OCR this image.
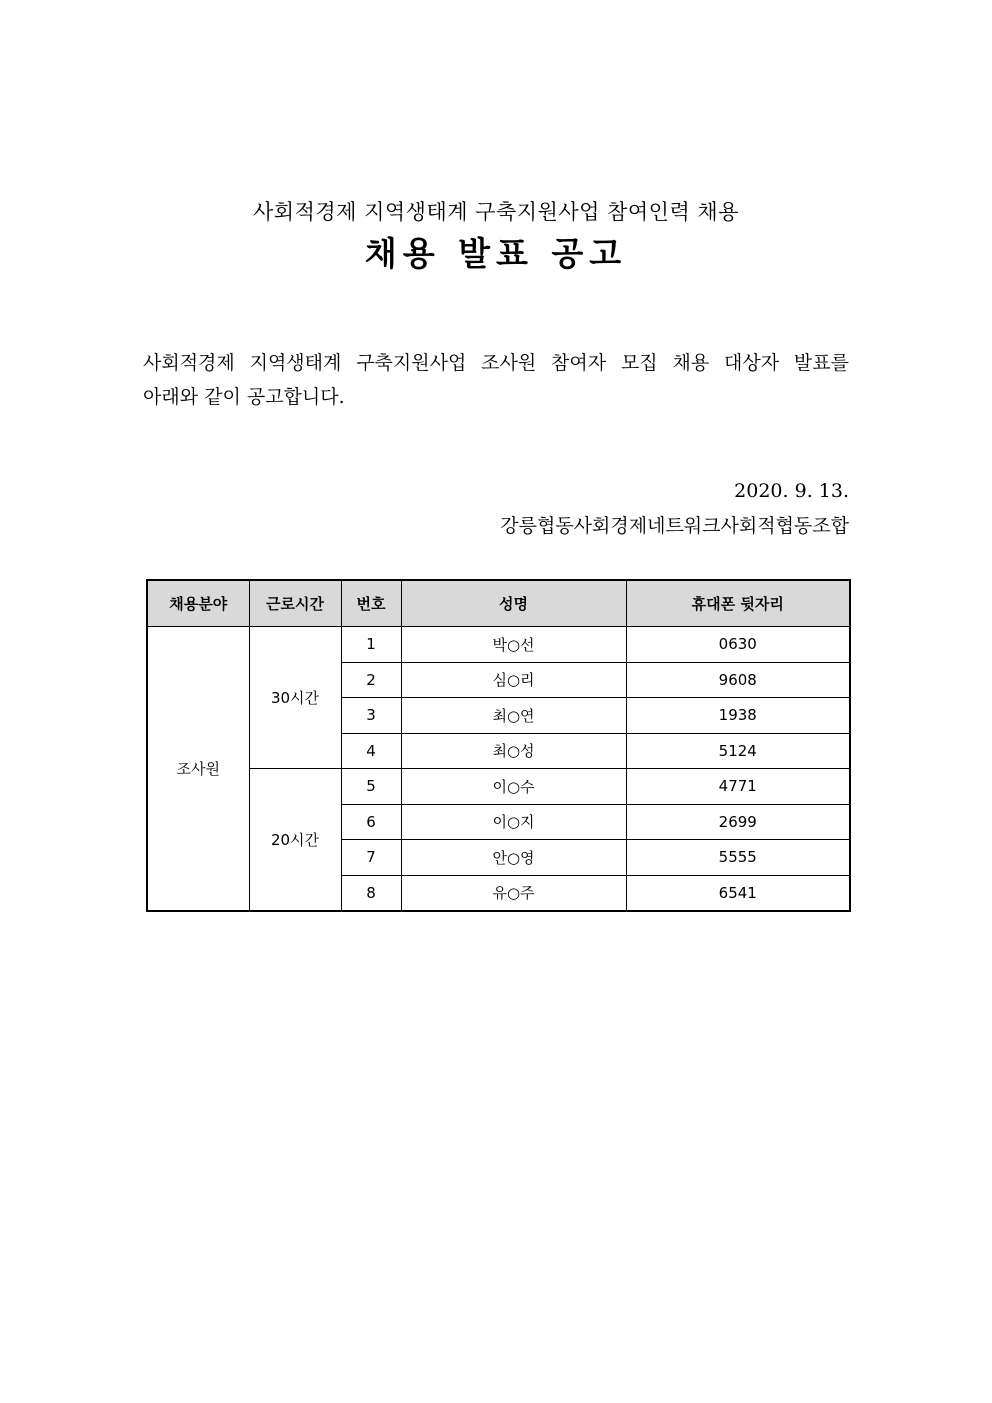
사회적경제 지역생태계 구축지원사업 참여인력 채용

채용 발표 공고
사회적경제 지역생태계 구축지원사업 조사원 참여자 모집 채용 대상자 발표를
아래와 같이 공고합니다.

2020. 9. 13.

강릉협동사회경제네트워크사회적협동조합

채용분야	근로시간	번호	성명	휴대폰 뒷자리
조사원	30시간	1	박○선	0630
		2	심○리	9608
		3	최○연	1938
		4	최○성	5124
	20시간	5	이○수	4771
		6	이○지	2699
		7	안○영	5555
		8	유○주	6541
